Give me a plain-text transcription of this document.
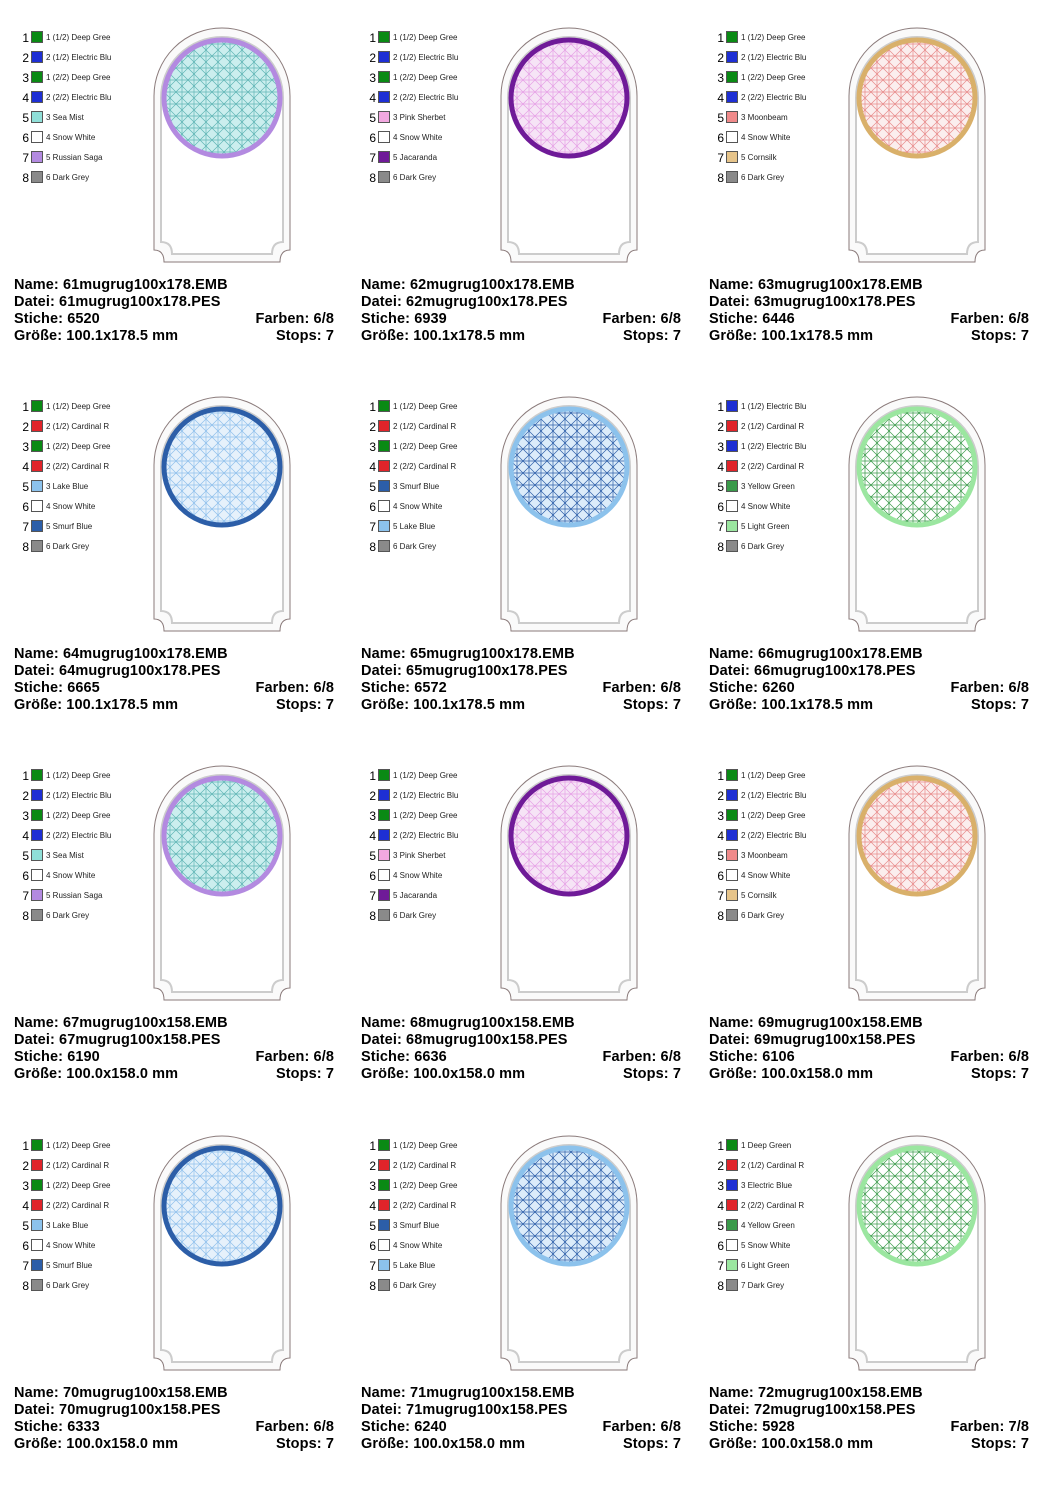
1 1 (1/2) Deep Gree
2 2 (1/2) Electric Blu
3 1 (2/2) Deep Gree
4 2 (2/2) Electric Blu
5 3 Sea Mist
6 4 Snow White
7 5 Russian Saga
8 6 Dark Grey
Name: 61mugrug100x178.EMB
Datei: 61mugrug100x178.PES
Stiche: 6520	Farben: 6/8
Größe: 100.1x178.5 mm	Stops: 7
1 1 (1/2) Deep Gree
2 2 (1/2) Electric Blu
3 1 (2/2) Deep Gree
4 2 (2/2) Electric Blu
5 3 Pink Sherbet
6 4 Snow White
7 5 Jacaranda
8 6 Dark Grey
Name: 62mugrug100x178.EMB
Datei: 62mugrug100x178.PES
Stiche: 6939	Farben: 6/8
Größe: 100.1x178.5 mm	Stops: 7
1 1 (1/2) Deep Gree
2 2 (1/2) Electric Blu
3 1 (2/2) Deep Gree
4 2 (2/2) Electric Blu
5 3 Moonbeam
6 4 Snow White
7 5 Cornsilk
8 6 Dark Grey
Name: 63mugrug100x178.EMB
Datei: 63mugrug100x178.PES
Stiche: 6446	Farben: 6/8
Größe: 100.1x178.5 mm	Stops: 7
1 1 (1/2) Deep Gree
2 2 (1/2) Cardinal R
3 1 (2/2) Deep Gree
4 2 (2/2) Cardinal R
5 3 Lake Blue
6 4 Snow White
7 5 Smurf Blue
8 6 Dark Grey
Name: 64mugrug100x178.EMB
Datei: 64mugrug100x178.PES
Stiche: 6665	Farben: 6/8
Größe: 100.1x178.5 mm	Stops: 7
1 1 (1/2) Deep Gree
2 2 (1/2) Cardinal R
3 1 (2/2) Deep Gree
4 2 (2/2) Cardinal R
5 3 Smurf Blue
6 4 Snow White
7 5 Lake Blue
8 6 Dark Grey
Name: 65mugrug100x178.EMB
Datei: 65mugrug100x178.PES
Stiche: 6572	Farben: 6/8
Größe: 100.1x178.5 mm	Stops: 7
1 1 (1/2) Electric Blu
2 2 (1/2) Cardinal R
3 1 (2/2) Electric Blu
4 2 (2/2) Cardinal R
5 3 Yellow Green
6 4 Snow White
7 5 Light Green
8 6 Dark Grey
Name: 66mugrug100x178.EMB
Datei: 66mugrug100x178.PES
Stiche: 6260	Farben: 6/8
Größe: 100.1x178.5 mm	Stops: 7
1 1 (1/2) Deep Gree
2 2 (1/2) Electric Blu
3 1 (2/2) Deep Gree
4 2 (2/2) Electric Blu
5 3 Sea Mist
6 4 Snow White
7 5 Russian Saga
8 6 Dark Grey
Name: 67mugrug100x158.EMB
Datei: 67mugrug100x158.PES
Stiche: 6190	Farben: 6/8
Größe: 100.0x158.0 mm	Stops: 7
1 1 (1/2) Deep Gree
2 2 (1/2) Electric Blu
3 1 (2/2) Deep Gree
4 2 (2/2) Electric Blu
5 3 Pink Sherbet
6 4 Snow White
7 5 Jacaranda
8 6 Dark Grey
Name: 68mugrug100x158.EMB
Datei: 68mugrug100x158.PES
Stiche: 6636	Farben: 6/8
Größe: 100.0x158.0 mm	Stops: 7
1 1 (1/2) Deep Gree
2 2 (1/2) Electric Blu
3 1 (2/2) Deep Gree
4 2 (2/2) Electric Blu
5 3 Moonbeam
6 4 Snow White
7 5 Cornsilk
8 6 Dark Grey
Name: 69mugrug100x158.EMB
Datei: 69mugrug100x158.PES
Stiche: 6106	Farben: 6/8
Größe: 100.0x158.0 mm	Stops: 7
1 1 (1/2) Deep Gree
2 2 (1/2) Cardinal R
3 1 (2/2) Deep Gree
4 2 (2/2) Cardinal R
5 3 Lake Blue
6 4 Snow White
7 5 Smurf Blue
8 6 Dark Grey
Name: 70mugrug100x158.EMB
Datei: 70mugrug100x158.PES
Stiche: 6333	Farben: 6/8
Größe: 100.0x158.0 mm	Stops: 7
1 1 (1/2) Deep Gree
2 2 (1/2) Cardinal R
3 1 (2/2) Deep Gree
4 2 (2/2) Cardinal R
5 3 Smurf Blue
6 4 Snow White
7 5 Lake Blue
8 6 Dark Grey
Name: 71mugrug100x158.EMB
Datei: 71mugrug100x158.PES
Stiche: 6240	Farben: 6/8
Größe: 100.0x158.0 mm	Stops: 7
1 1 Deep Green
2 2 (1/2) Cardinal R
3 3 Electric Blue
4 2 (2/2) Cardinal R
5 4 Yellow Green
6 5 Snow White
7 6 Light Green
8 7 Dark Grey
Name: 72mugrug100x158.EMB
Datei: 72mugrug100x158.PES
Stiche: 5928	Farben: 7/8
Größe: 100.0x158.0 mm	Stops: 7
